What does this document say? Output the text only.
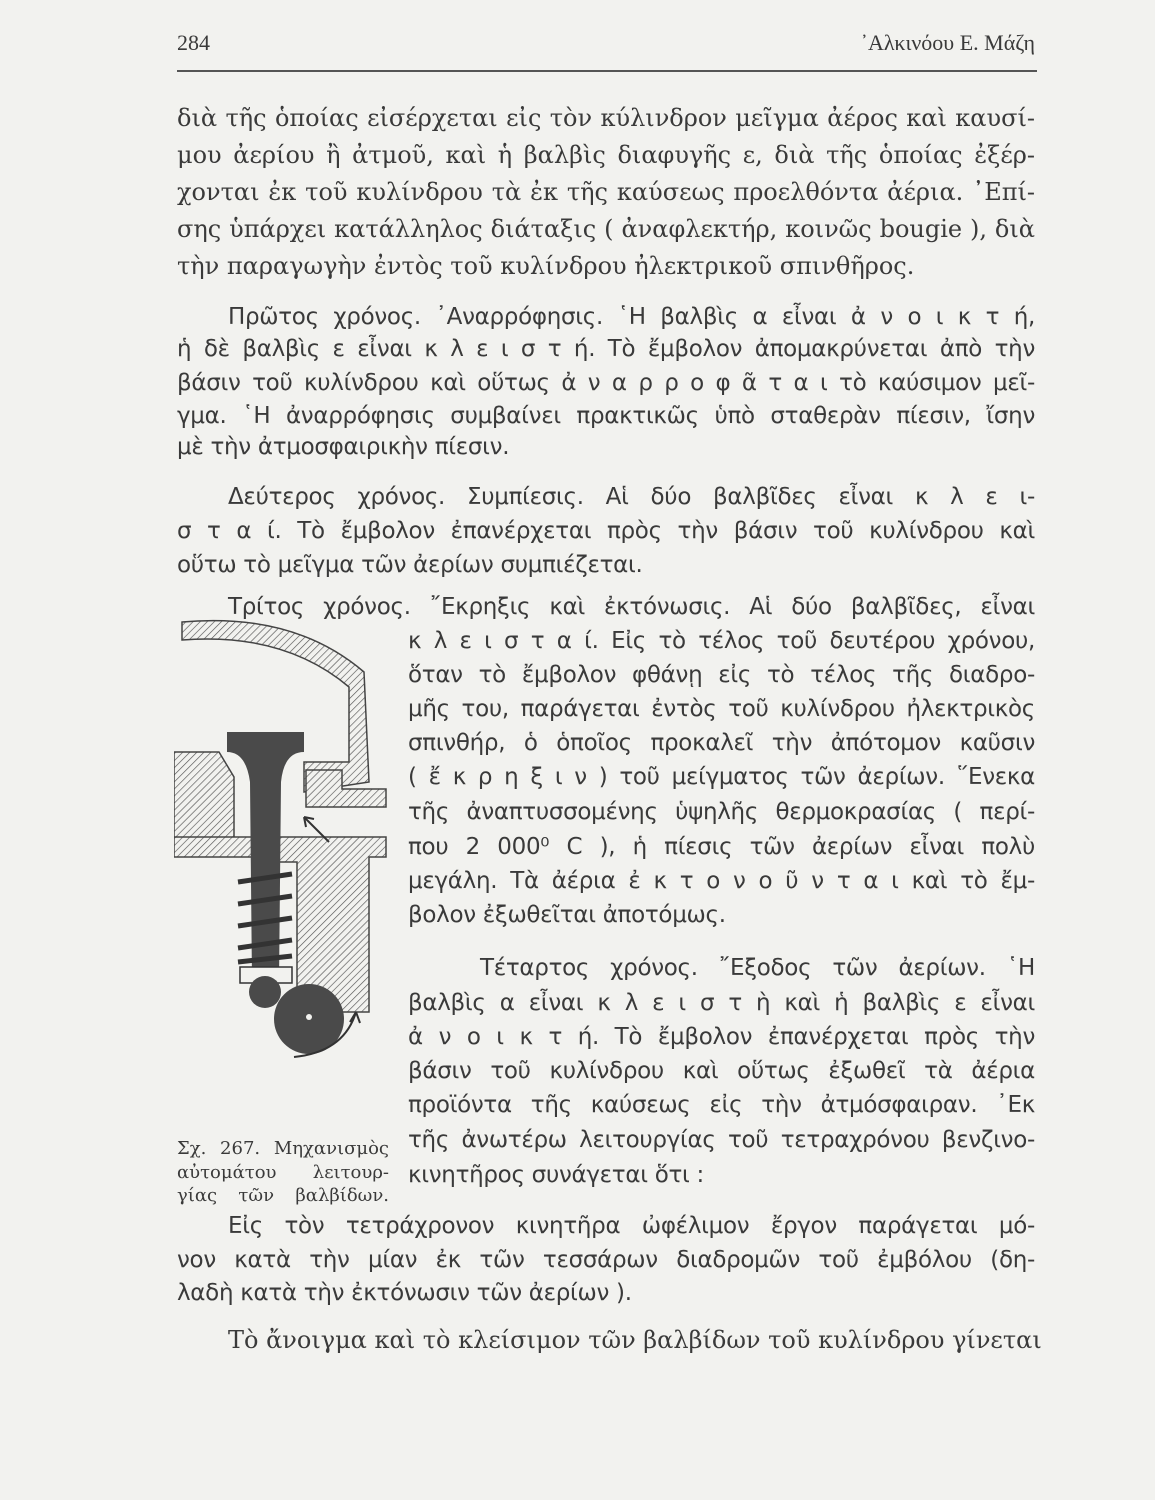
284	᾿Αλκινόου Ε. Μάζη
διὰ τῆς ὁποίας εἰσέρχεται εἰς τὸν κύλινδρον μεῖγμα ἀέρος καὶ καυσί-
μου ἀερίου ἢ ἀτμοῦ, καὶ ἡ βαλβὶς διαφυγῆς ε, διὰ τῆς ὁποίας ἐξέρ-
χονται ἐκ τοῦ κυλίνδρου τὰ ἐκ τῆς καύσεως προελθόντα ἀέρια. ᾿Επί-
σης ὑπάρχει κατάλληλος διάταξις ( ἀναφλεκτήρ, κοινῶς bougie ), διὰ
τὴν παραγωγὴν ἐντὸς τοῦ κυλίνδρου ἠλεκτρικοῦ σπινθῆρος.
Πρῶτος χρόνος. ᾿Αναρρόφησις. ῾Η βαλβὶς α εἶναι ἀ ν ο ι κ τ ή,
ἡ δὲ βαλβὶς ε εἶναι κ λ ε ι σ τ ή. Τὸ ἔμβολον ἀπομακρύνεται ἀπὸ τὴν
βάσιν τοῦ κυλίνδρου καὶ οὕτως ἀ ν α ρ ρ ο φ ᾶ τ α ι τὸ καύσιμον μεῖ-
γμα. ῾Η ἀναρρόφησις συμβαίνει πρακτικῶς ὑπὸ σταθερὰν πίεσιν, ἴσην
μὲ τὴν ἀτμοσφαιρικὴν πίεσιν.
Δεύτερος χρόνος. Συμπίεσις. Αἱ δύο βαλβῖδες εἶναι κ λ ε ι-
σ τ α ί. Τὸ ἔμβολον ἐπανέρχεται πρὸς τὴν βάσιν τοῦ κυλίνδρου καὶ
οὕτω τὸ μεῖγμα τῶν ἀερίων συμπιέζεται.
Τρίτος χρόνος. ῎Εκρηξις καὶ ἐκτόνωσις. Αἱ δύο βαλβῖδες, εἶναι
κ λ ε ι σ τ α ί. Εἰς τὸ τέλος τοῦ δευτέρου χρόνου,
ὅταν τὸ ἔμβολον φθάνῃ εἰς τὸ τέλος τῆς διαδρο-
μῆς του, παράγεται ἐντὸς τοῦ κυλίνδρου ἠλεκτρικὸς
σπινθήρ, ὁ ὁποῖος προκαλεῖ τὴν ἀπότομον καῦσιν
( ἔ κ ρ η ξ ι ν ) τοῦ μείγματος τῶν ἀερίων. ῞Ενεκα
τῆς ἀναπτυσσομένης ὑψηλῆς θερμοκρασίας ( περί-
που 2 000⁰ C ), ἡ πίεσις τῶν ἀερίων εἶναι πολὺ
μεγάλη. Τὰ ἀέρια ἐ κ τ ο ν ο ῦ ν τ α ι καὶ τὸ ἔμ-
βολον ἐξωθεῖται ἀποτόμως.
Τέταρτος χρόνος. ῎Εξοδος τῶν ἀερίων. ῾Η
βαλβὶς α εἶναι κ λ ε ι σ τ ὴ καὶ ἡ βαλβὶς ε εἶναι
ἀ ν ο ι κ τ ή. Τὸ ἔμβολον ἐπανέρχεται πρὸς τὴν
βάσιν τοῦ κυλίνδρου καὶ οὕτως ἐξωθεῖ τὰ ἀέρια
προϊόντα τῆς καύσεως εἰς τὴν ἀτμόσφαιραν. ᾿Εκ
τῆς ἀνωτέρω λειτουργίας τοῦ τετραχρόνου βενζινο-
κινητῆρος συνάγεται ὅτι :
Σχ. 267. Μηχανισμὸς
αὐτομάτου λειτουρ-
γίας τῶν βαλβίδων.
Εἰς τὸν τετράχρονον κινητῆρα ὠφέλιμον ἔργον παράγεται μό-
νον κατὰ τὴν μίαν ἐκ τῶν τεσσάρων διαδρομῶν τοῦ ἐμβόλου (δη-
λαδὴ κατὰ τὴν ἐκτόνωσιν τῶν ἀερίων ).
Τὸ ἄνοιγμα καὶ τὸ κλείσιμον τῶν βαλβίδων τοῦ κυλίνδρου γίνεται
